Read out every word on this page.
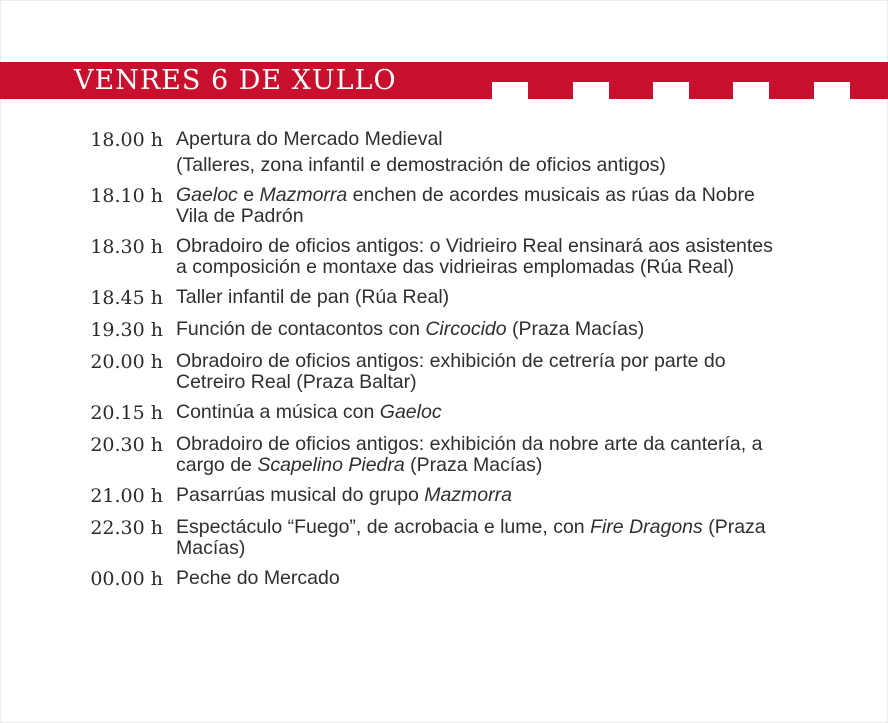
VENRES 6 DE XULLO
18.00 h Apertura do Mercado Medieval
(Talleres, zona infantil e demostración de oficios antigos)
18.10 h Gaeloc e Mazmorra enchen de acordes musicais as rúas da Nobre
Vila de Padrón
18.30 h Obradoiro de oficios antigos: o Vidrieiro Real ensinará aos asistentes
a composición e montaxe das vidrieiras emplomadas (Rúa Real)
18.45 h Taller infantil de pan (Rúa Real)
19.30 h Función de contacontos con Circocido (Praza Macías)
20.00 h Obradoiro de oficios antigos: exhibición de cetrería por parte do
Cetreiro Real (Praza Baltar)
20.15 h Continúa a música con Gaeloc
20.30 h Obradoiro de oficios antigos: exhibición da nobre arte da cantería, a
cargo de Scapelino Piedra (Praza Macías)
21.00 h Pasarrúas musical do grupo Mazmorra
22.30 h Espectáculo “Fuego”, de acrobacia e lume, con Fire Dragons (Praza
Macías)
00.00 h Peche do Mercado
